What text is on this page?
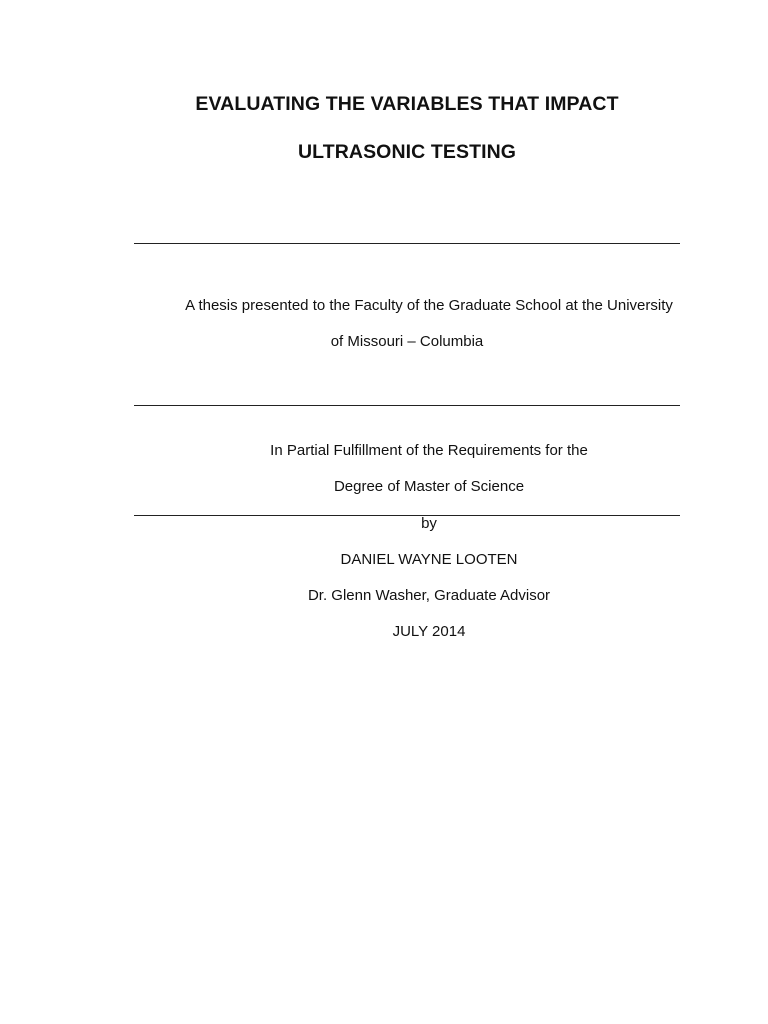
EVALUATING THE VARIABLES THAT IMPACT
ULTRASONIC TESTING
A thesis presented to the Faculty of the Graduate School at the University
of Missouri – Columbia
In Partial Fulfillment of the Requirements for the
Degree of Master of Science
by
DANIEL WAYNE LOOTEN
Dr. Glenn Washer, Graduate Advisor
JULY 2014
